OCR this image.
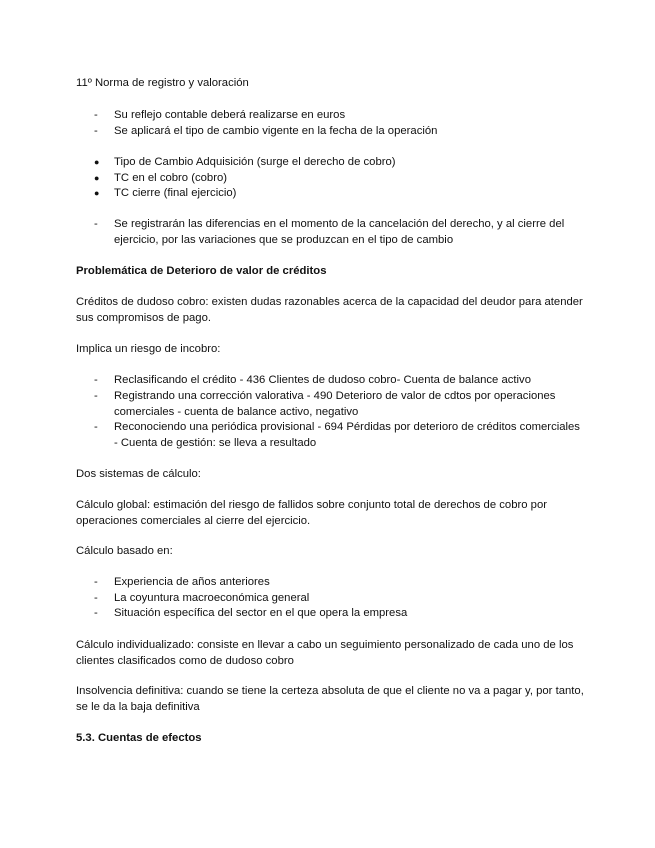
11º Norma de registro y valoración
-	Su reflejo contable deberá realizarse en euros
-	Se aplicará el tipo de cambio vigente en la fecha de la operación
●	Tipo de Cambio Adquisición (surge el derecho de cobro)
●	TC en el cobro (cobro)
●	TC cierre (final ejercicio)
-	Se registrarán las diferencias en el momento de la cancelación del derecho, y al cierre del ejercicio, por las variaciones que se produzcan en el tipo de cambio
Problemática de Deterioro de valor de créditos
Créditos de dudoso cobro: existen dudas razonables acerca de la capacidad del deudor para atender sus compromisos de pago.
Implica un riesgo de incobro:
-	Reclasificando el crédito - 436 Clientes de dudoso cobro- Cuenta de balance activo
-	Registrando una corrección valorativa - 490 Deterioro de valor de cdtos por operaciones comerciales - cuenta de balance activo, negativo
-	Reconociendo una periódica provisional - 694 Pérdidas por deterioro de créditos comerciales - Cuenta de gestión: se lleva a resultado
Dos sistemas de cálculo:
Cálculo global: estimación del riesgo de fallidos sobre conjunto total de derechos de cobro por operaciones comerciales al cierre del ejercicio.
Cálculo basado en:
-	Experiencia de años anteriores
-	La coyuntura macroeconómica general
-	Situación específica del sector en el que opera la empresa
Cálculo individualizado: consiste en llevar a cabo un seguimiento personalizado de cada uno de los clientes clasificados como de dudoso cobro
Insolvencia definitiva: cuando se tiene la certeza absoluta de que el cliente no va a pagar y, por tanto, se le da la baja definitiva
5.3. Cuentas de efectos
